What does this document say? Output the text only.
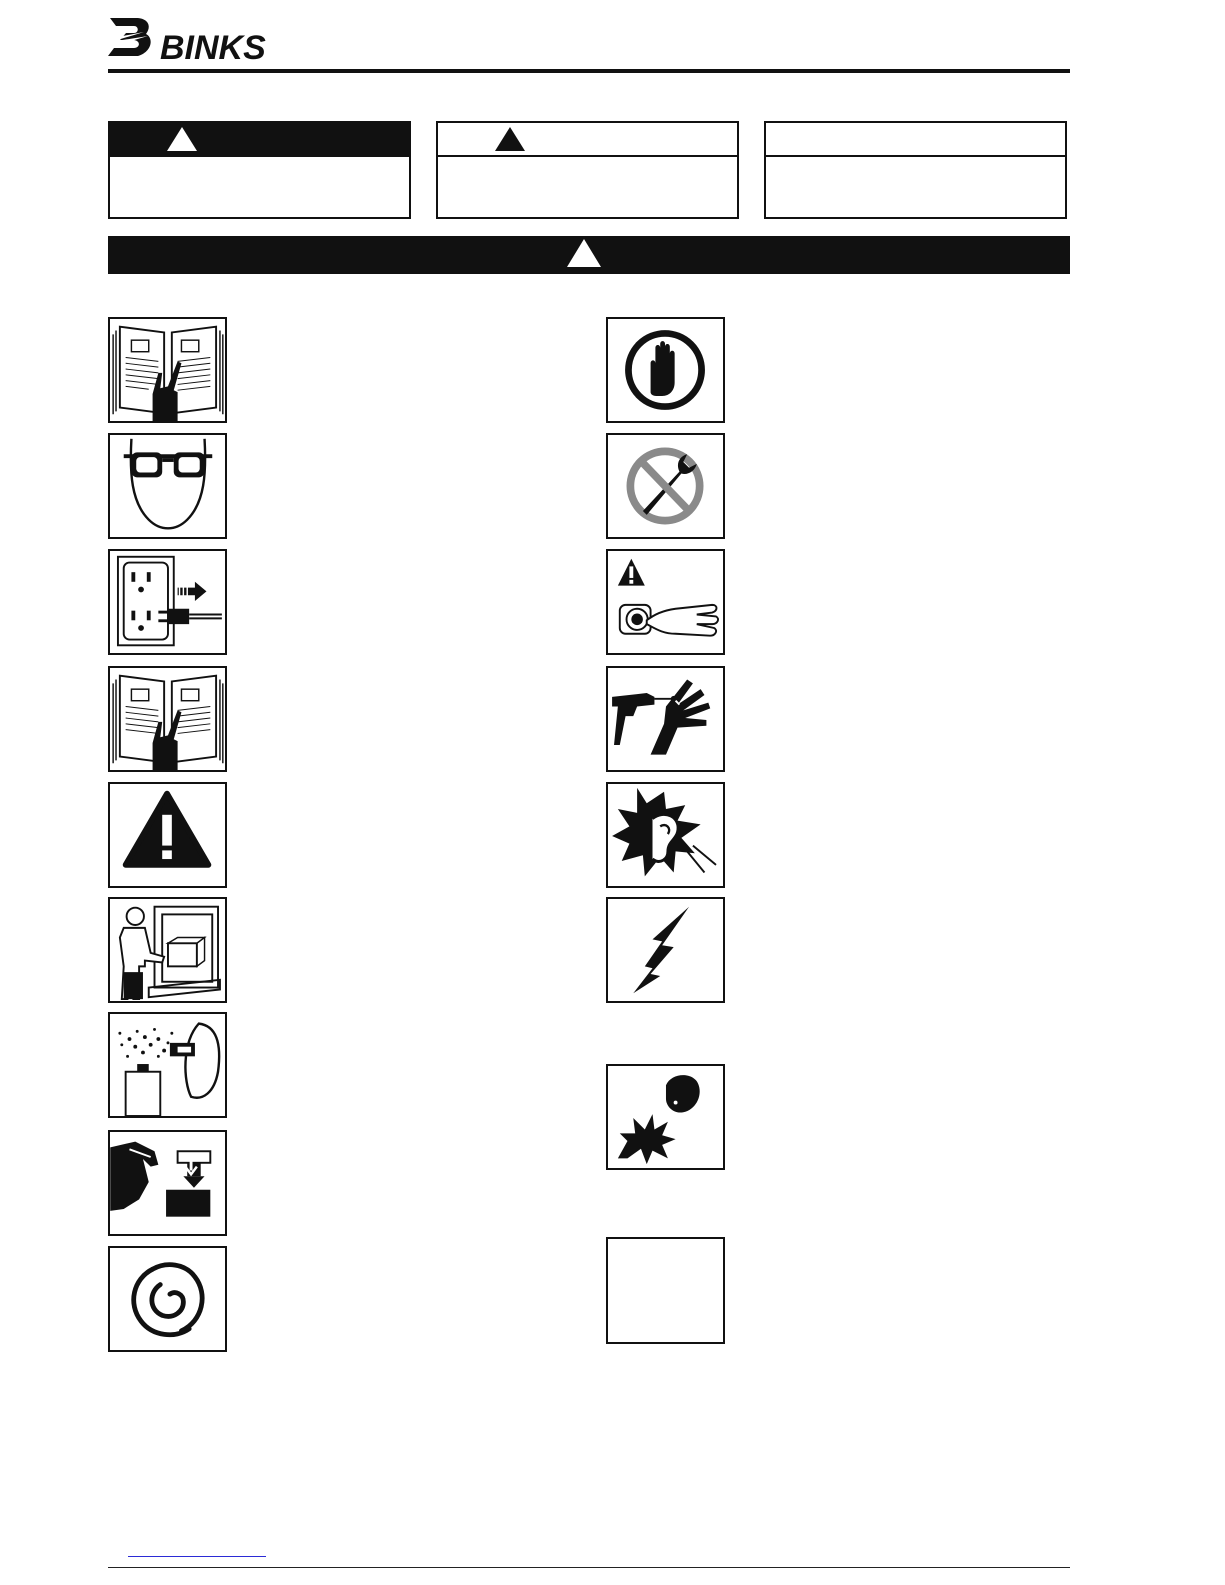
BINKS
